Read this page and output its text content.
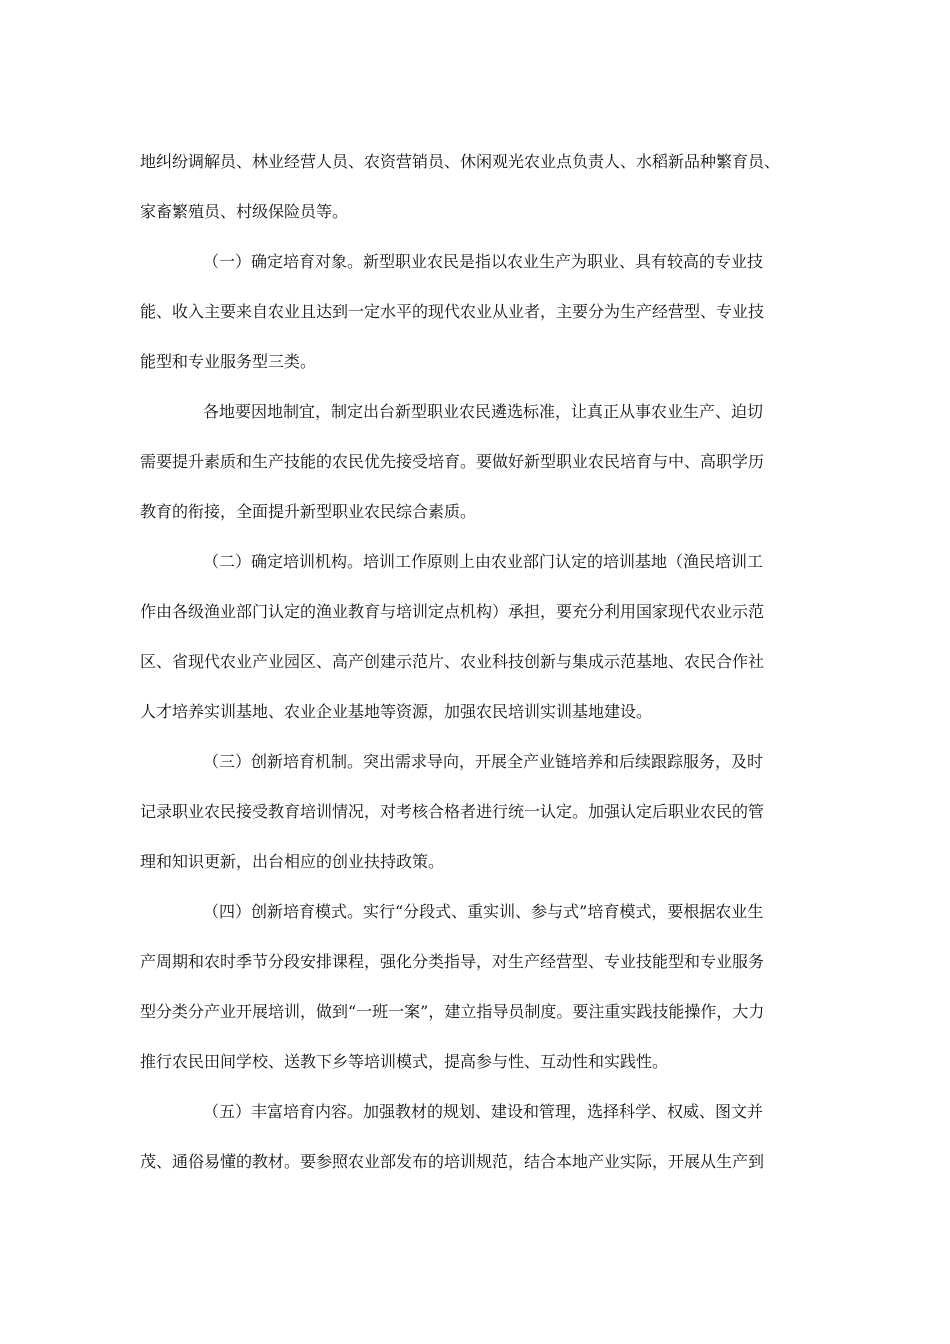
地纠纷调解员、林业经营人员、农资营销员、休闲观光农业点负责人、水稻新品种繁育员、
家畜繁殖员、村级保险员等。
（一）确定培育对象。新型职业农民是指以农业生产为职业、具有较高的专业技
能、收入主要来自农业且达到一定水平的现代农业从业者，主要分为生产经营型、专业技
能型和专业服务型三类。
各地要因地制宜，制定出台新型职业农民遴选标准，让真正从事农业生产、迫切
需要提升素质和生产技能的农民优先接受培育。要做好新型职业农民培育与中、高职学历
教育的衔接，全面提升新型职业农民综合素质。
（二）确定培训机构。培训工作原则上由农业部门认定的培训基地（渔民培训工
作由各级渔业部门认定的渔业教育与培训定点机构）承担，要充分利用国家现代农业示范
区、省现代农业产业园区、高产创建示范片、农业科技创新与集成示范基地、农民合作社
人才培养实训基地、农业企业基地等资源，加强农民培训实训基地建设。
（三）创新培育机制。突出需求导向，开展全产业链培养和后续跟踪服务，及时
记录职业农民接受教育培训情况，对考核合格者进行统一认定。加强认定后职业农民的管
理和知识更新，出台相应的创业扶持政策。
（四）创新培育模式。实行“分段式、重实训、参与式”培育模式，要根据农业生
产周期和农时季节分段安排课程，强化分类指导，对生产经营型、专业技能型和专业服务
型分类分产业开展培训，做到“一班一案”，建立指导员制度。要注重实践技能操作，大力
推行农民田间学校、送教下乡等培训模式，提高参与性、互动性和实践性。
（五）丰富培育内容。加强教材的规划、建设和管理，选择科学、权威、图文并
茂、通俗易懂的教材。要参照农业部发布的培训规范，结合本地产业实际，开展从生产到
